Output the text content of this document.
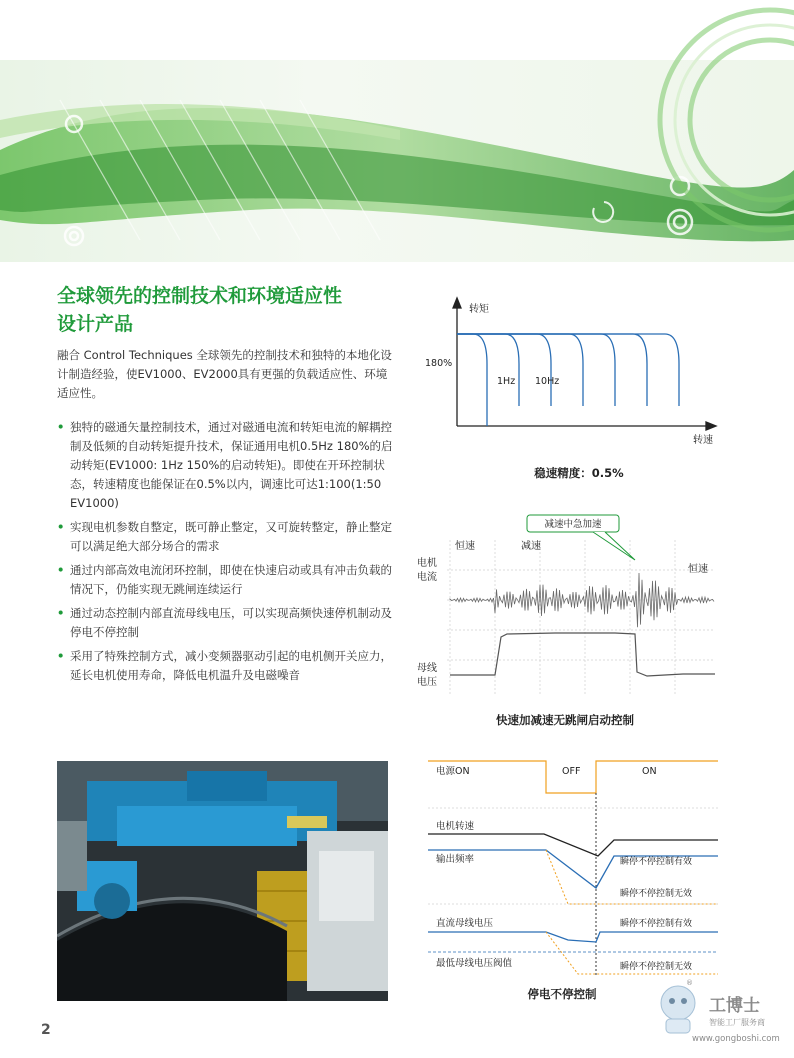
全球领先的控制技术和环境适应性
设计产品
融合 Control Techniques 全球领先的控制技术和独特的本地化设计制造经验，使EV1000、EV2000具有更强的负载适应性、环境适应性。
• 独特的磁通矢量控制技术，通过对磁通电流和转矩电流的解耦控制及低频的自动转矩提升技术，保证通用电机0.5Hz 180%的启动转矩(EV1000: 1Hz 150%的启动转矩)。即使在开环控制状态，转速精度也能保证在0.5%以内，调速比可达1:100(1:50 EV1000)
• 实现电机参数自整定，既可静止整定，又可旋转整定，静止整定可以满足绝大部分场合的需求
• 通过内部高效电流闭环控制，即使在快速启动或具有冲击负载的情况下，仍能实现无跳闸连续运行
• 通过动态控制内部直流母线电压，可以实现高频快速停机制动及停电不停控制
• 采用了特殊控制方式，减小变频器驱动引起的电机侧开关应力，延长电机使用寿命，降低电机温升及电磁噪音
转矩
转速
180%
1Hz 10Hz
稳速精度：0.5%
减速中急加速
恒速	减速
恒速
电机
电流
母线
电压
快速加减速无跳闸启动控制
电源ON	OFF	ON
电机转速
输出频率	瞬停不停控制有效
瞬停不停控制无效
直流母线电压	瞬停不停控制有效
最低母线电压阀值	瞬停不停控制无效
停电不停控制
2
工博士
智能工厂服务商
www.gongboshi.com
®
